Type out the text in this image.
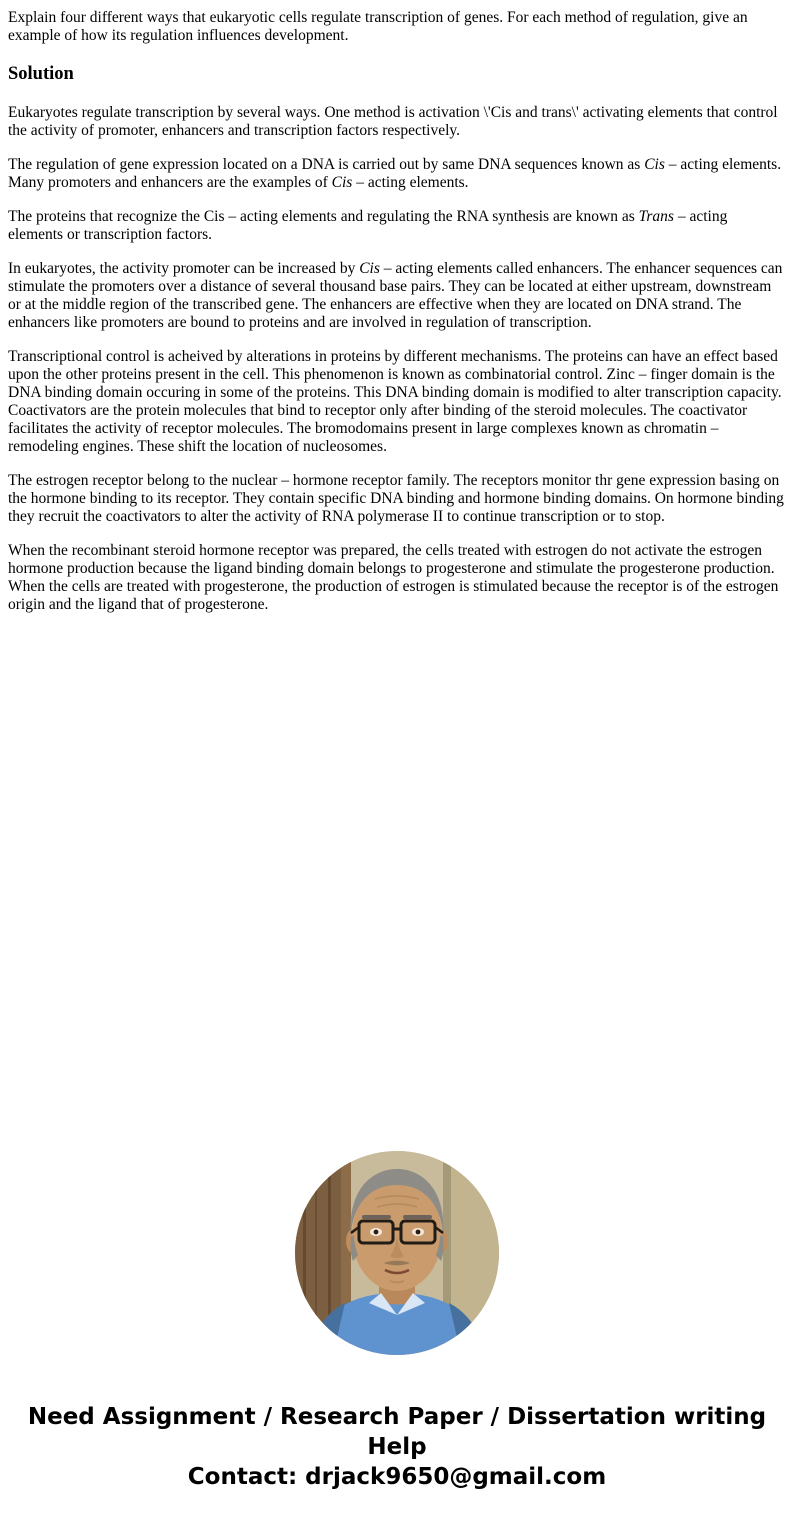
Explain four different ways that eukaryotic cells regulate transcription of genes. For each method of regulation, give an example of how its regulation influences development.

Solution

Eukaryotes regulate transcription by several ways. One method is activation \'Cis and trans\' activating elements that control the activity of promoter, enhancers and transcription factors respectively.

The regulation of gene expression located on a DNA is carried out by same DNA sequences known as Cis – acting elements. Many promoters and enhancers are the examples of Cis – acting elements.

The proteins that recognize the Cis – acting elements and regulating the RNA synthesis are known as Trans – acting elements or transcription factors.

In eukaryotes, the activity promoter can be increased by Cis – acting elements called enhancers. The enhancer sequences can stimulate the promoters over a distance of several thousand base pairs. They can be located at either upstream, downstream or at the middle region of the transcribed gene. The enhancers are effective when they are located on DNA strand. The enhancers like promoters are bound to proteins and are involved in regulation of transcription.

Transcriptional control is acheived by alterations in proteins by different mechanisms. The proteins can have an effect based upon the other proteins present in the cell. This phenomenon is known as combinatorial control. Zinc – finger domain is the DNA binding domain occuring in some of the proteins. This DNA binding domain is modified to alter transcription capacity. Coactivators are the protein molecules that bind to receptor only after binding of the steroid molecules. The coactivator facilitates the activity of receptor molecules. The bromodomains present in large complexes known as chromatin – remodeling engines. These shift the location of nucleosomes.

The estrogen receptor belong to the nuclear – hormone receptor family. The receptors monitor thr gene expression basing on the hormone binding to its receptor. They contain specific DNA binding and hormone binding domains. On hormone binding they recruit the coactivators to alter the activity of RNA polymerase II to continue transcription or to stop.

When the recombinant steroid hormone receptor was prepared, the cells treated with estrogen do not activate the estrogen hormone production because the ligand binding domain belongs to progesterone and stimulate the progesterone production. When the cells are treated with progesterone, the production of estrogen is stimulated because the receptor is of the estrogen origin and the ligand that of progesterone.

Need Assignment / Research Paper / Dissertation writing Help
Contact: drjack9650@gmail.com
